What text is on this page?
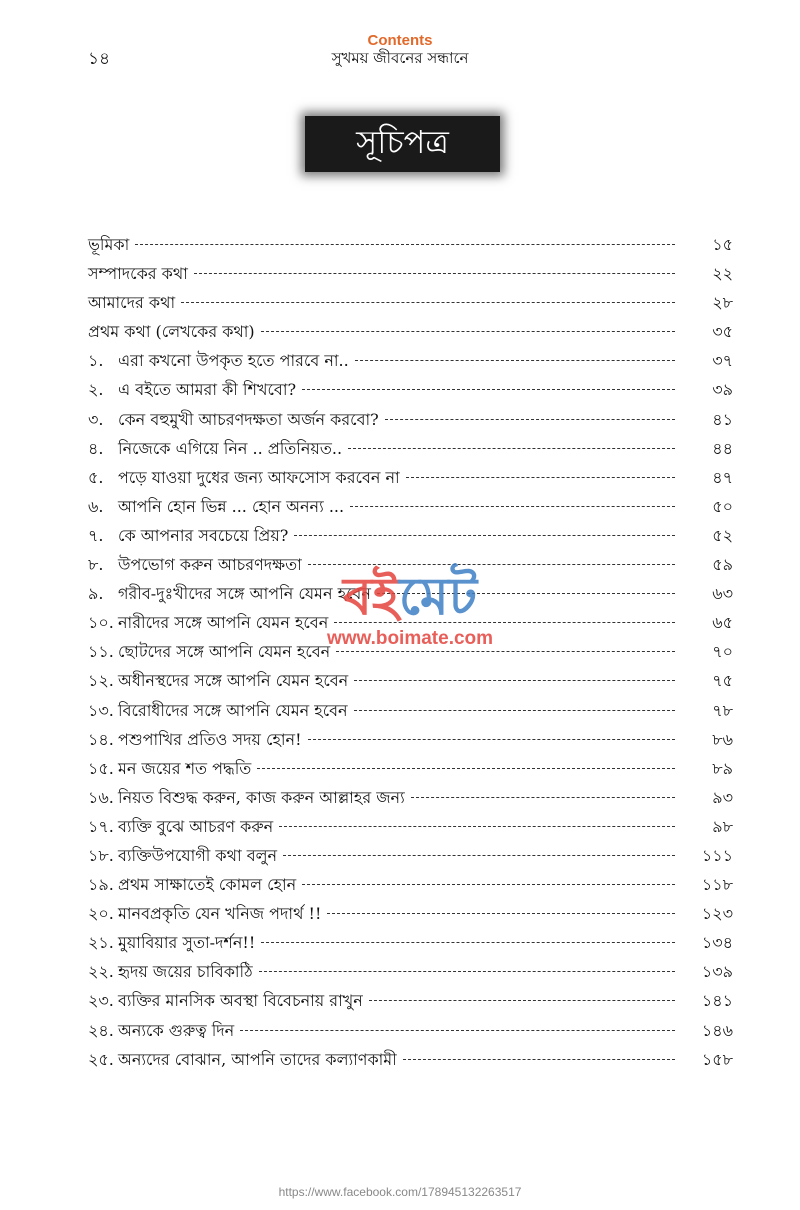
Contents
১৪	সুখময় জীবনের সন্ধানে
সূচিপত্র
ভূমিকা	১৫
সম্পাদকের কথা	২২
আমাদের কথা	২৮
প্রথম কথা (লেখকের কথা)	৩৫
১. এরা কখনো উপকৃত হতে পারবে না..	৩৭
২. এ বইতে আমরা কী শিখবো?	৩৯
৩. কেন বহুমুখী আচরণদক্ষতা অর্জন করবো?	৪১
৪. নিজেকে এগিয়ে নিন .. প্রতিনিয়ত..	৪৪
৫. পড়ে যাওয়া দুধের জন্য আফসোস করবেন না	৪৭
৬. আপনি হোন ভিন্ন ... হোন অনন্য ...	৫০
৭. কে আপনার সবচেয়ে প্রিয়?	৫২
৮. উপভোগ করুন আচরণদক্ষতা	৫৯
৯. গরীব-দুঃখীদের সঙ্গে আপনি যেমন হবেন	৬৩
১০. নারীদের সঙ্গে আপনি যেমন হবেন	৬৫
১১. ছোটদের সঙ্গে আপনি যেমন হবেন	৭০
১২. অধীনস্থদের সঙ্গে আপনি যেমন হবেন	৭৫
১৩. বিরোধীদের সঙ্গে আপনি যেমন হবেন	৭৮
১৪. পশুপাখির প্রতিও সদয় হোন!	৮৬
১৫. মন জয়ের শত পদ্ধতি	৮৯
১৬. নিয়ত বিশুদ্ধ করুন, কাজ করুন আল্লাহর জন্য	৯৩
১৭. ব্যক্তি বুঝে আচরণ করুন	৯৮
১৮. ব্যক্তিউপযোগী কথা বলুন	১১১
১৯. প্রথম সাক্ষাতেই কোমল হোন	১১৮
২০. মানবপ্রকৃতি যেন খনিজ পদার্থ !!	১২৩
২১. মুয়াবিয়ার সুতা-দর্শন!!	১৩৪
২২. হৃদয় জয়ের চাবিকাঠি	১৩৯
২৩. ব্যক্তির মানসিক অবস্থা বিবেচনায় রাখুন	১৪১
২৪. অন্যকে গুরুত্ব দিন	১৪৬
২৫. অন্যদের বোঝান, আপনি তাদের কল্যাণকামী	১৫৮
বইমেট
www.boimate.com
https://www.facebook.com/178945132263517
